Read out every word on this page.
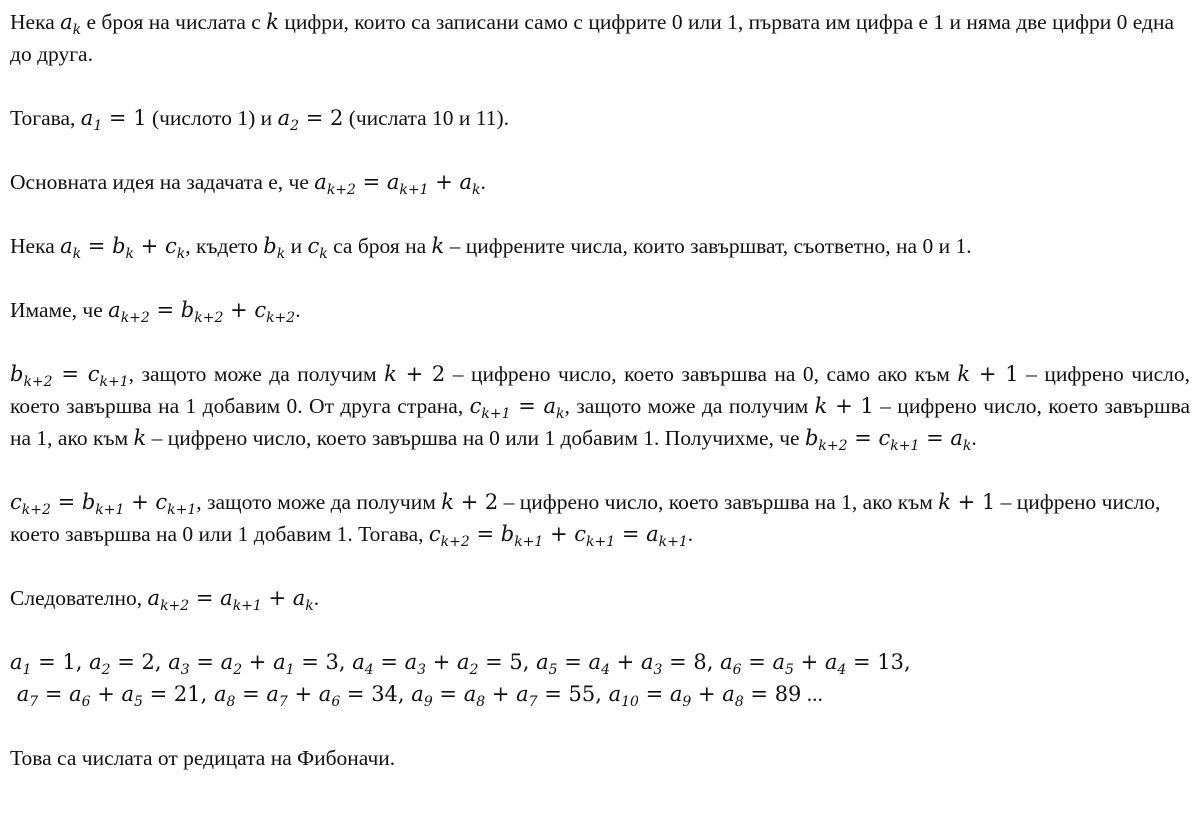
Нека $a_k$ е броя на числата с k цифри, които са записани само с цифрите 0 или 1, първата им цифра е 1 и няма две цифри 0 една до друга.
Тогава, $a_1 = 1$ (числото 1) и $a_2 = 2$ (числата 10 и 11).
Основната идея на задачата е, че $a_{k+2} = a_{k+1} + a_k$.
Нека $a_k = b_k + c_k$, където $b_k$ и $c_k$ са броя на k – цифрените числа, които завършват, съответно, на 0 и 1.
Имаме, че $a_{k+2} = b_{k+2} + c_{k+2}$.
$b_{k+2} = c_{k+1}$, защото може да получим k + 2 – цифрено число, което завършва на 0, само ако към k + 1 – цифрено число, което завършва на 1 добавим 0. От друга страна, $c_{k+1} = a_k$, защото може да получим k + 1 – цифрено число, което завършва на 1, ако към k – цифрено число, което завършва на 0 или 1 добавим 1. Получихме, че $b_{k+2} = c_{k+1} = a_k$.
$c_{k+2} = b_{k+1} + c_{k+1}$, защото може да получим k + 2 – цифрено число, което завършва на 1, ако към k + 1 – цифрено число, което завършва на 0 или 1 добавим 1. Тогава, $c_{k+2} = b_{k+1} + c_{k+1} = a_{k+1}$.
Следователно, $a_{k+2} = a_{k+1} + a_k$.
$a_1 = 1$, $a_2 = 2$, $a_3 = a_2 + a_1 = 3$, $a_4 = a_3 + a_2 = 5$, $a_5 = a_4 + a_3 = 8$, $a_6 = a_5 + a_4 = 13$,
$a_7 = a_6 + a_5 = 21$, $a_8 = a_7 + a_6 = 34$, $a_9 = a_8 + a_7 = 55$, $a_{10} = a_9 + a_8 = 89$ ...
Това са числата от редицата на Фибоначи.
